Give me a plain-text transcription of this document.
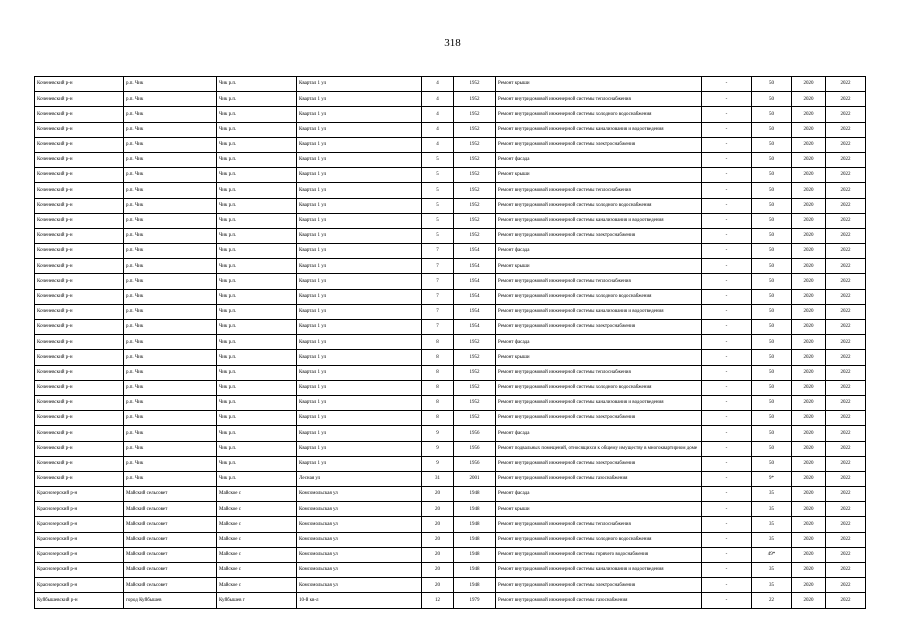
318
Коченевский р-н	р.п. Чик	Чик р.п.	Квартал 1 ул	4	1952	Ремонт крыши	-	50	2020	2022
Коченевский р-н	р.п. Чик	Чик р.п.	Квартал 1 ул	4	1952	Ремонт внутридомовой инженерной системы теплоснабжения	-	50	2020	2022
Коченевский р-н	р.п. Чик	Чик р.п.	Квартал 1 ул	4	1952	Ремонт внутридомовой инженерной системы холодного водоснабжения	-	50	2020	2022
Коченевский р-н	р.п. Чик	Чик р.п.	Квартал 1 ул	4	1952	Ремонт внутридомовой инженерной системы канализования и водоотведения	-	50	2020	2022
Коченевский р-н	р.п. Чик	Чик р.п.	Квартал 1 ул	4	1952	Ремонт внутридомовой инженерной системы электроснабжения	-	50	2020	2022
Коченевский р-н	р.п. Чик	Чик р.п.	Квартал 1 ул	5	1952	Ремонт фасада	-	50	2020	2022
Коченевский р-н	р.п. Чик	Чик р.п.	Квартал 1 ул	5	1952	Ремонт крыши	-	50	2020	2022
Коченевский р-н	р.п. Чик	Чик р.п.	Квартал 1 ул	5	1952	Ремонт внутридомовой инженерной системы теплоснабжения	-	50	2020	2022
Коченевский р-н	р.п. Чик	Чик р.п.	Квартал 1 ул	5	1952	Ремонт внутридомовой инженерной системы холодного водоснабжения	-	50	2020	2022
Коченевский р-н	р.п. Чик	Чик р.п.	Квартал 1 ул	5	1952	Ремонт внутридомовой инженерной системы канализования и водоотведения	-	50	2020	2022
Коченевский р-н	р.п. Чик	Чик р.п.	Квартал 1 ул	5	1952	Ремонт внутридомовой инженерной системы электроснабжения	-	50	2020	2022
Коченевский р-н	р.п. Чик	Чик р.п.	Квартал 1 ул	7	1954	Ремонт фасада	-	50	2020	2022
Коченевский р-н	р.п. Чик	Чик р.п.	Квартал 1 ул	7	1954	Ремонт крыши	-	50	2020	2022
Коченевский р-н	р.п. Чик	Чик р.п.	Квартал 1 ул	7	1954	Ремонт внутридомовой инженерной системы теплоснабжения	-	50	2020	2022
Коченевский р-н	р.п. Чик	Чик р.п.	Квартал 1 ул	7	1954	Ремонт внутридомовой инженерной системы холодного водоснабжения	-	50	2020	2022
Коченевский р-н	р.п. Чик	Чик р.п.	Квартал 1 ул	7	1954	Ремонт внутридомовой инженерной системы канализования и водоотведения	-	50	2020	2022
Коченевский р-н	р.п. Чик	Чик р.п.	Квартал 1 ул	7	1954	Ремонт внутридомовой инженерной системы электроснабжения	-	50	2020	2022
Коченевский р-н	р.п. Чик	Чик р.п.	Квартал 1 ул	8	1952	Ремонт фасада	-	50	2020	2022
Коченевский р-н	р.п. Чик	Чик р.п.	Квартал 1 ул	8	1952	Ремонт крыши	-	50	2020	2022
Коченевский р-н	р.п. Чик	Чик р.п.	Квартал 1 ул	8	1952	Ремонт внутридомовой инженерной системы теплоснабжения	-	50	2020	2022
Коченевский р-н	р.п. Чик	Чик р.п.	Квартал 1 ул	8	1952	Ремонт внутридомовой инженерной системы холодного водоснабжения	-	50	2020	2022
Коченевский р-н	р.п. Чик	Чик р.п.	Квартал 1 ул	8	1952	Ремонт внутридомовой инженерной системы канализования и водоотведения	-	50	2020	2022
Коченевский р-н	р.п. Чик	Чик р.п.	Квартал 1 ул	8	1952	Ремонт внутридомовой инженерной системы электроснабжения	-	50	2020	2022
Коченевский р-н	р.п. Чик	Чик р.п.	Квартал 1 ул	9	1956	Ремонт фасада	-	50	2020	2022
Коченевский р-н	р.п. Чик	Чик р.п.	Квартал 1 ул	9	1956	Ремонт подвальных помещений, относящихся к общему имуществу в многоквартирном доме	-	50	2020	2022
Коченевский р-н	р.п. Чик	Чик р.п.	Квартал 1 ул	9	1956	Ремонт внутридомовой инженерной системы электроснабжения	-	50	2020	2022
Коченевский р-н	р.п. Чик	Чик р.п.	Лесная ул	31	2001	Ремонт внутридомовой инженерной системы газоснабжения	-	9*	2020	2022
Краснозерский р-н	Майский сельсовет	Майское с	Комсомольская ул	20	1948	Ремонт фасада	-	35	2020	2022
Краснозерский р-н	Майский сельсовет	Майское с	Комсомольская ул	20	1948	Ремонт крыши	-	35	2020	2022
Краснозерский р-н	Майский сельсовет	Майское с	Комсомольская ул	20	1948	Ремонт внутридомовой инженерной системы теплоснабжения	-	35	2020	2022
Краснозерский р-н	Майский сельсовет	Майское с	Комсомольская ул	20	1948	Ремонт внутридомовой инженерной системы холодного водоснабжения	-	35	2020	2022
Краснозерский р-н	Майский сельсовет	Майское с	Комсомольская ул	20	1948	Ремонт внутридомовой инженерной системы горячего водоснабжения	-	49*	2020	2022
Краснозерский р-н	Майский сельсовет	Майское с	Комсомольская ул	20	1948	Ремонт внутридомовой инженерной системы канализования и водоотведения	-	35	2020	2022
Краснозерский р-н	Майский сельсовет	Майское с	Комсомольская ул	20	1948	Ремонт внутридомовой инженерной системы электроснабжения	-	35	2020	2022
Куйбышевский р-н	город Куйбышев	Куйбышев г	10-й кв-л	12	1979	Ремонт внутридомовой инженерной системы газоснабжения	-	22	2020	2022
